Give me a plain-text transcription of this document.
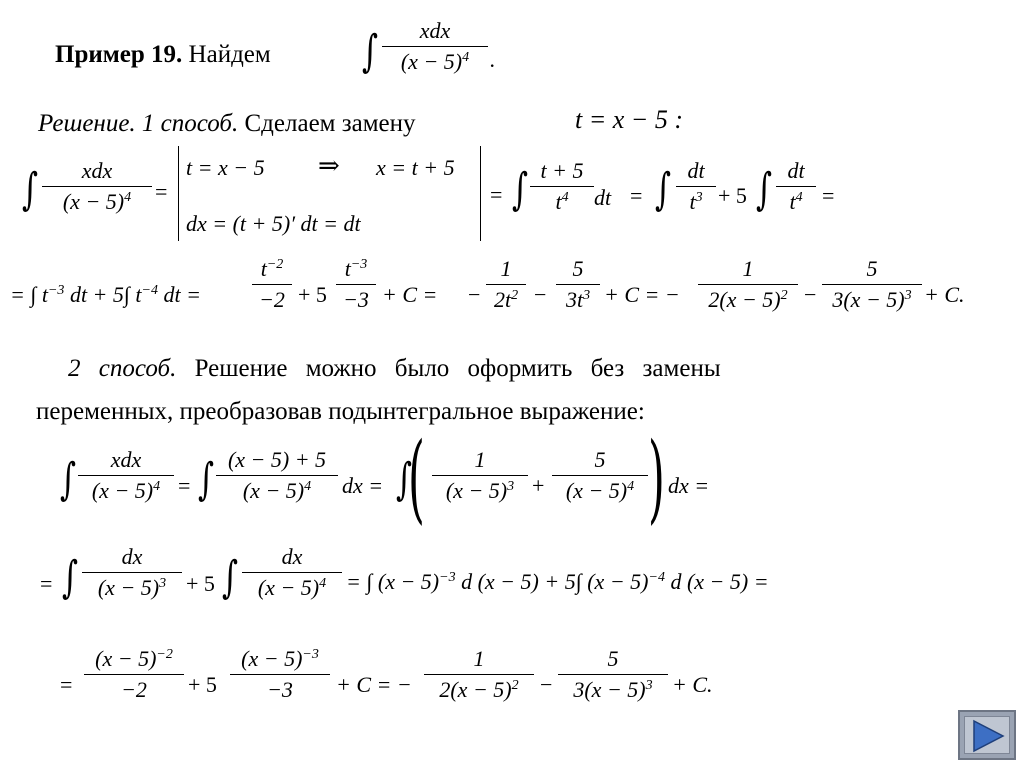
Пример 19. Найдем ∫	xdx
$(x - 5)^4$ .
Решение. 1 способ. Сделаем замену	t = x − 5 :
∫	xdx
$(x - 5)^4$	=
t = x − 5 ⇒ x = t + 5
dx = (t + 5)′ dt = dt
= ∫ t + 5
$t^4$	dt = ∫ dt
$t^3 + 5$ ∫ dt
$t^4$ =
= ∫ $t^{-3}$ dt + 5∫ $t^{-4}$ dt =
$t^{-2}$
−2 + 5
$t^{-3}$
−3 + C = −
1
$2t^2$ −
5
$3t^3 + C$ = −
1
$2(x - 5)^2$ −
5
$3(x - 5)^3 + C$.
2 способ. Решение можно было оформить без замены
переменных, преобразовав подынтегральное выражение:
∫	xdx
$(x - 5)^4$ = ∫ (x − 5) + 5
$(x - 5)^4$	dx = ∫
(	1
$(x - 5)^3$ +
5
$(x - 5)^4$ ) dx =
= ∫	dx
$(x - 5)^3 + 5$ ∫	dx
$(x - 5)^4$ = ∫ $(x - 5)^{-3}$ d (x − 5) + 5∫ $(x - 5)^{-4}$ d (x − 5) =
=
$(x - 5)^{-2}$
−2	+ 5
$(x - 5)^{-3}$
−3	+ C = −
1
$2(x - 5)^2$ −
5
$3(x - 5)^3 + C$.
